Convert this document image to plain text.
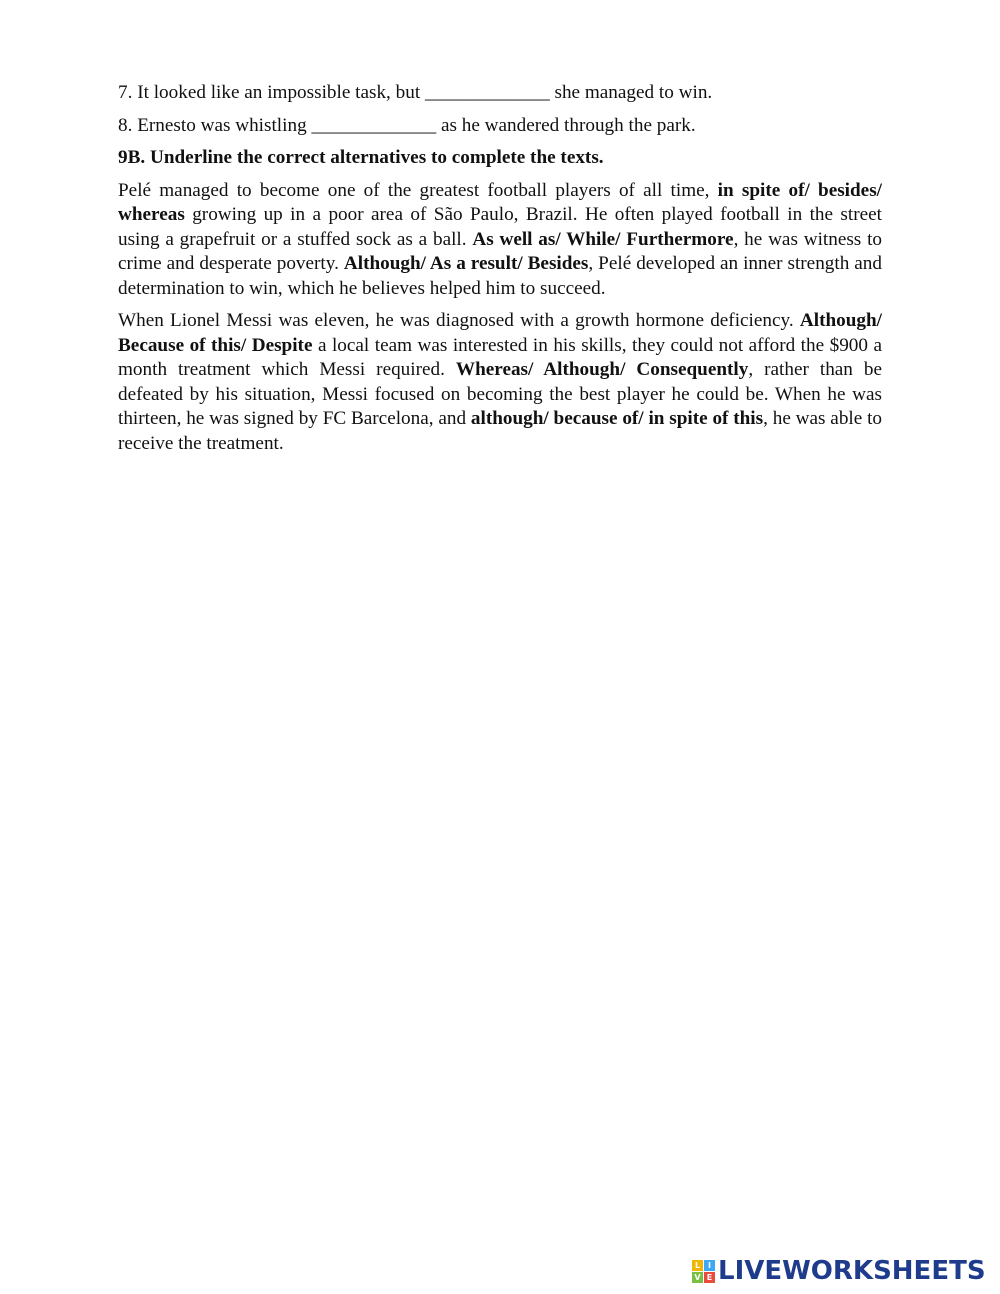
7. It looked like an impossible task, but _____________ she managed to win.

8. Ernesto was whistling _____________ as he wandered through the park.

9B. Underline the correct alternatives to complete the texts.

Pelé managed to become one of the greatest football players of all time, in spite of/ besides/ whereas growing up in a poor area of São Paulo, Brazil. He often played football in the street using a grapefruit or a stuffed sock as a ball. As well as/ While/ Furthermore, he was witness to crime and desperate poverty. Although/ As a result/ Besides, Pelé developed an inner strength and determination to win, which he believes helped him to succeed.

When Lionel Messi was eleven, he was diagnosed with a growth hormone deficiency. Although/ Because of this/ Despite a local team was interested in his skills, they could not afford the $900 a month treatment which Messi required. Whereas/ Although/ Consequently, rather than be defeated by his situation, Messi focused on becoming the best player he could be. When he was thirteen, he was signed by FC Barcelona, and although/ because of/ in spite of this, he was able to receive the treatment.

L I
V E LIVEWORKSHEETS
